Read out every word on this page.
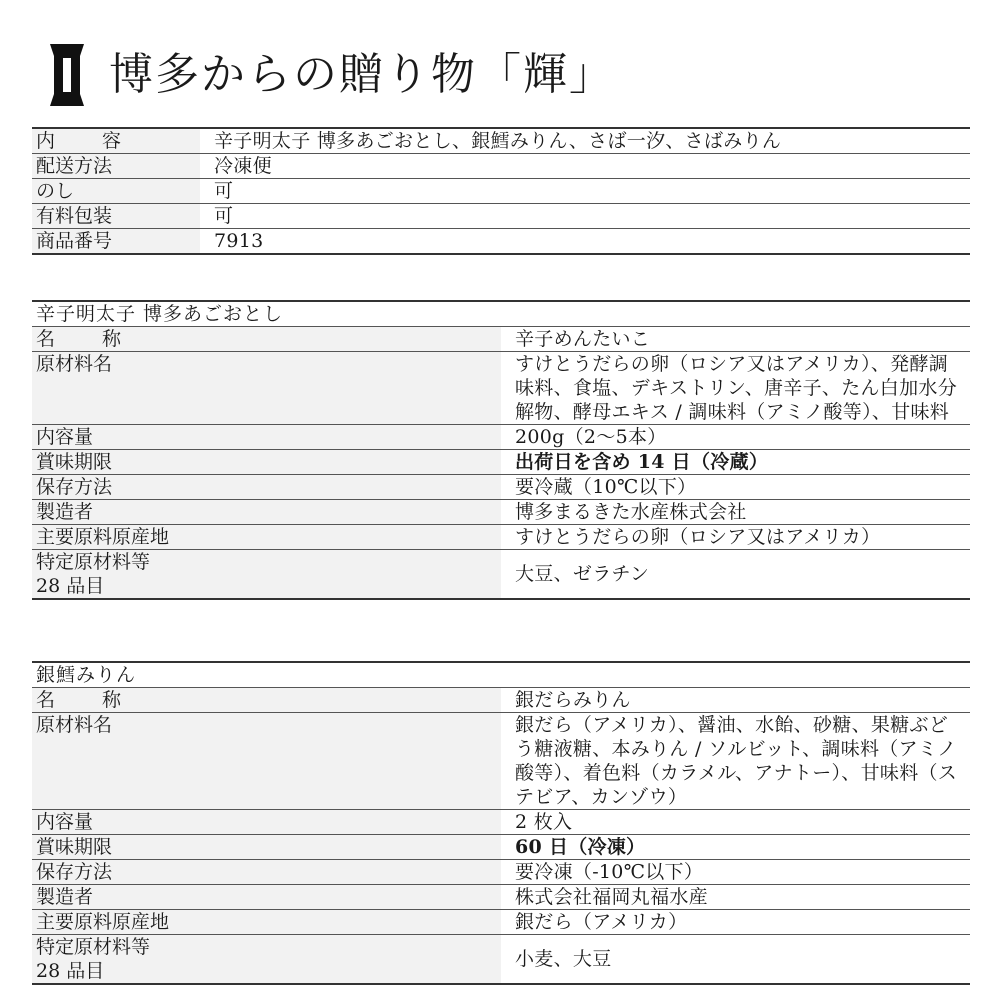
博多からの贈り物「輝」
内　容	辛子明太子 博多あごおとし、銀鱈みりん、さば一汐、さばみりん
配送方法	冷凍便
のし	可
有料包装	可
商品番号	7913
辛子明太子 博多あごおとし	
名　称	辛子めんたいこ
原材料名	すけとうだらの卵（ロシア又はアメリカ）、発酵調味料、食塩、デキストリン、唐辛子、たん白加水分解物、酵母エキス / 調味料（アミノ酸等）、甘味料

内容量	200g（2〜5本）
賞味期限	出荷日を含め 14 日（冷蔵）
保存方法	要冷蔵（10℃以下）
製造者	博多まるきた水産株式会社
主要原料原産地	すけとうだらの卵（ロシア又はアメリカ）

特定原材料等
28 品目	大豆、ゼラチン
銀鱈みりん	
名　称	銀だらみりん
原材料名	銀だら（アメリカ）、醤油、水飴、砂糖、果糖ぶどう糖液糖、本みりん / ソルビット、調味料（アミノ酸等）、着色料（カラメル、アナトー）、甘味料（ステビア、カンゾウ）
内容量	2 枚入
賞味期限	60 日（冷凍）
保存方法	要冷凍（-10℃以下）
製造者	株式会社福岡丸福水産
主要原料原産地	銀だら（アメリカ）

特定原材料等
28 品目	小麦、大豆
